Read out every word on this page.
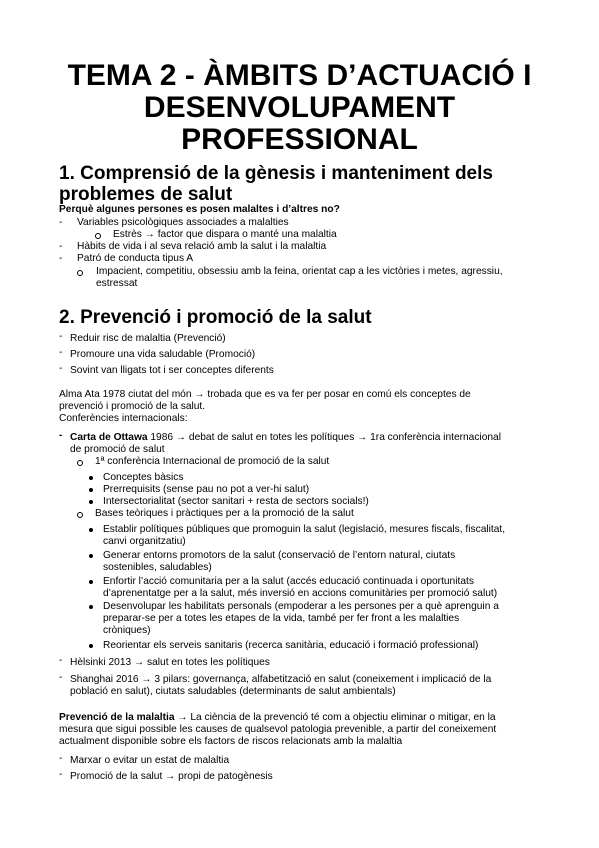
TEMA 2 - ÀMBITS D’ACTUACIÓ I
DESENVOLUPAMENT
PROFESSIONAL
1. Comprensió de la gènesis i manteniment dels
problemes de salut
Perquè algunes persones es posen malaltes i d’altres no?
- Variables psicològiques associades a malalties
Estrès → factor que dispara o manté una malaltia
- Hàbits de vida i al seva relació amb la salut i la malaltia
- Patró de conducta tipus A
Impacient, competitiu, obsessiu amb la feina, orientat cap a les victòries i metes, agressiu,
estressat
2. Prevenció i promoció de la salut
- Reduir risc de malaltia (Prevenció)
- Promoure una vida saludable (Promoció)
- Sovint van lligats tot i ser conceptes diferents
Alma Ata 1978 ciutat del món → trobada que es va fer per posar en comú els conceptes de
prevenció i promoció de la salut.
Conferències internacionals:
- Carta de Ottawa 1986 → debat de salut en totes les polítiques → 1ra conferència internacional
de promoció de salut
1ª conferència Internacional de promoció de la salut
Conceptes bàsics
Prerrequisits (sense pau no pot a ver-hi salut)
Intersectorialitat (sector sanitari + resta de sectors socials!)
Bases teòriques i pràctiques per a la promoció de la salut
Establir polítiques públiques que promoguin la salut (legislació, mesures fiscals, fiscalitat,
canvi organitzatiu)
Generar entorns promotors de la salut (conservació de l’entorn natural, ciutats
sostenibles, saludables)
Enfortir l’acció comunitaria per a la salut (accés educació continuada i oportunitats
d’aprenentatge per a la salut, més inversió en accions comunitàries per promoció salut)
Desenvolupar les habilitats personals (empoderar a les persones per a què aprenguin a
preparar-se per a totes les etapes de la vida, també per fer front a les malalties
cròniques)
Reorientar els serveis sanitaris (recerca sanitària, educació i formació professional)
- Hèlsinki 2013 → salut en totes les polítiques
- Shanghai 2016 → 3 pilars: governança, alfabetització en salut (coneixement i implicació de la
població en salut), ciutats saludables (determinants de salut ambientals)
Prevenció de la malaltia → La ciència de la prevenció té com a objectiu eliminar o mitigar, en la
mesura que sigui possible les causes de qualsevol patologia prevenible, a partir del coneixement
actualment disponible sobre els factors de riscos relacionats amb la malaltia
- Marxar o evitar un estat de malaltia
- Promoció de la salut → propi de patogènesis
